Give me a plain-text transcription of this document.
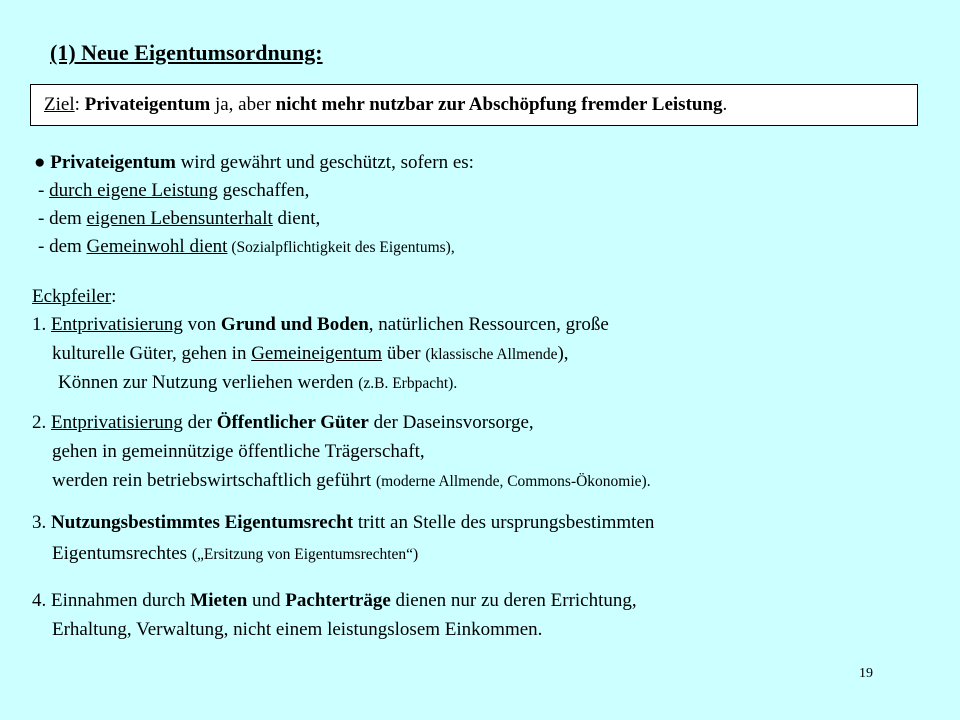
(1) Neue Eigentumsordnung:
Ziel: Privateigentum ja, aber nicht mehr nutzbar zur Abschöpfung fremder Leistung.
● Privateigentum wird gewährt und geschützt, sofern es:
- durch eigene Leistung geschaffen,
- dem eigenen Lebensunterhalt dient,
- dem Gemeinwohl dient (Sozialpflichtigkeit des Eigentums),
Eckpfeiler:
1. Entprivatisierung von Grund und Boden, natürlichen Ressourcen, große
kulturelle Güter, gehen in Gemeineigentum über (klassische Allmende),
Können zur Nutzung verliehen werden (z.B. Erbpacht).
2. Entprivatisierung der Öffentlicher Güter der Daseinsvorsorge,
gehen in gemeinnützige öffentliche Trägerschaft,
werden rein betriebswirtschaftlich geführt (moderne Allmende, Commons-Ökonomie).
3. Nutzungsbestimmtes Eigentumsrecht tritt an Stelle des ursprungsbestimmten
Eigentumsrechtes („Ersitzung von Eigentumsrechten“)
4. Einnahmen durch Mieten und Pachterträge dienen nur zu deren Errichtung,
Erhaltung, Verwaltung, nicht einem leistungslosem Einkommen.
19
